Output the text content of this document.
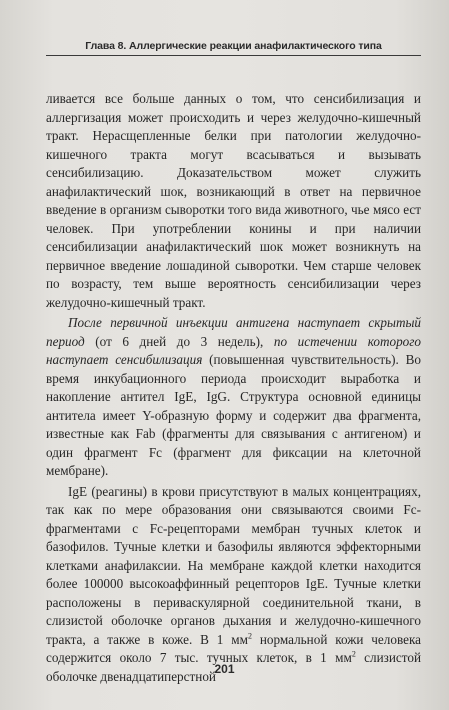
Глава 8. Аллергические реакции анафилактического типа

ливается все больше данных о том, что сенсибилизация и аллергизация может происходить и через желудочно-кишечный тракт. Нерасщепленные белки при патологии желудочно-кишечного тракта могут всасываться и вызывать сенсибилизацию. Доказательством может служить анафилактический шок, возникающий в ответ на первичное введение в организм сыворотки того вида животного, чье мясо ест человек. При употреблении конины и при наличии сенсибилизации анафилактический шок может возникнуть на первичное введение лошадиной сыворотки. Чем старше человек по возрасту, тем выше вероятность сенсибилизации через желудочно-кишечный тракт.

После первичной инъекции антигена наступает скрытый период (от 6 дней до 3 недель), по истечении которого наступает сенсибилизация (повышенная чувствительность). Во время инкубационного периода происходит выработка и накопление антител IgE, IgG. Структура основной единицы антитела имеет Y-образную форму и содержит два фрагмента, известные как Fab (фрагменты для связывания с антигеном) и один фрагмент Fc (фрагмент для фиксации на клеточной мембране).

IgE (реагины) в крови присутствуют в малых концентрациях, так как по мере образования они связываются своими Fc-фрагментами с Fc-рецепторами мембран тучных клеток и базофилов. Тучные клетки и базофилы являются эффекторными клетками анафилаксии. На мембране каждой клетки находится более 100000 высокоаффинный рецепторов IgE. Тучные клетки расположены в периваскулярной соединительной ткани, в слизистой оболочке органов дыхания и желудочно-кишечного тракта, а также в коже. В 1 $мм^2$ нормальной кожи человека содержится около 7 тыс. тучных клеток, в 1 $мм^2$ слизистой оболочке двенадцатиперстной

201
